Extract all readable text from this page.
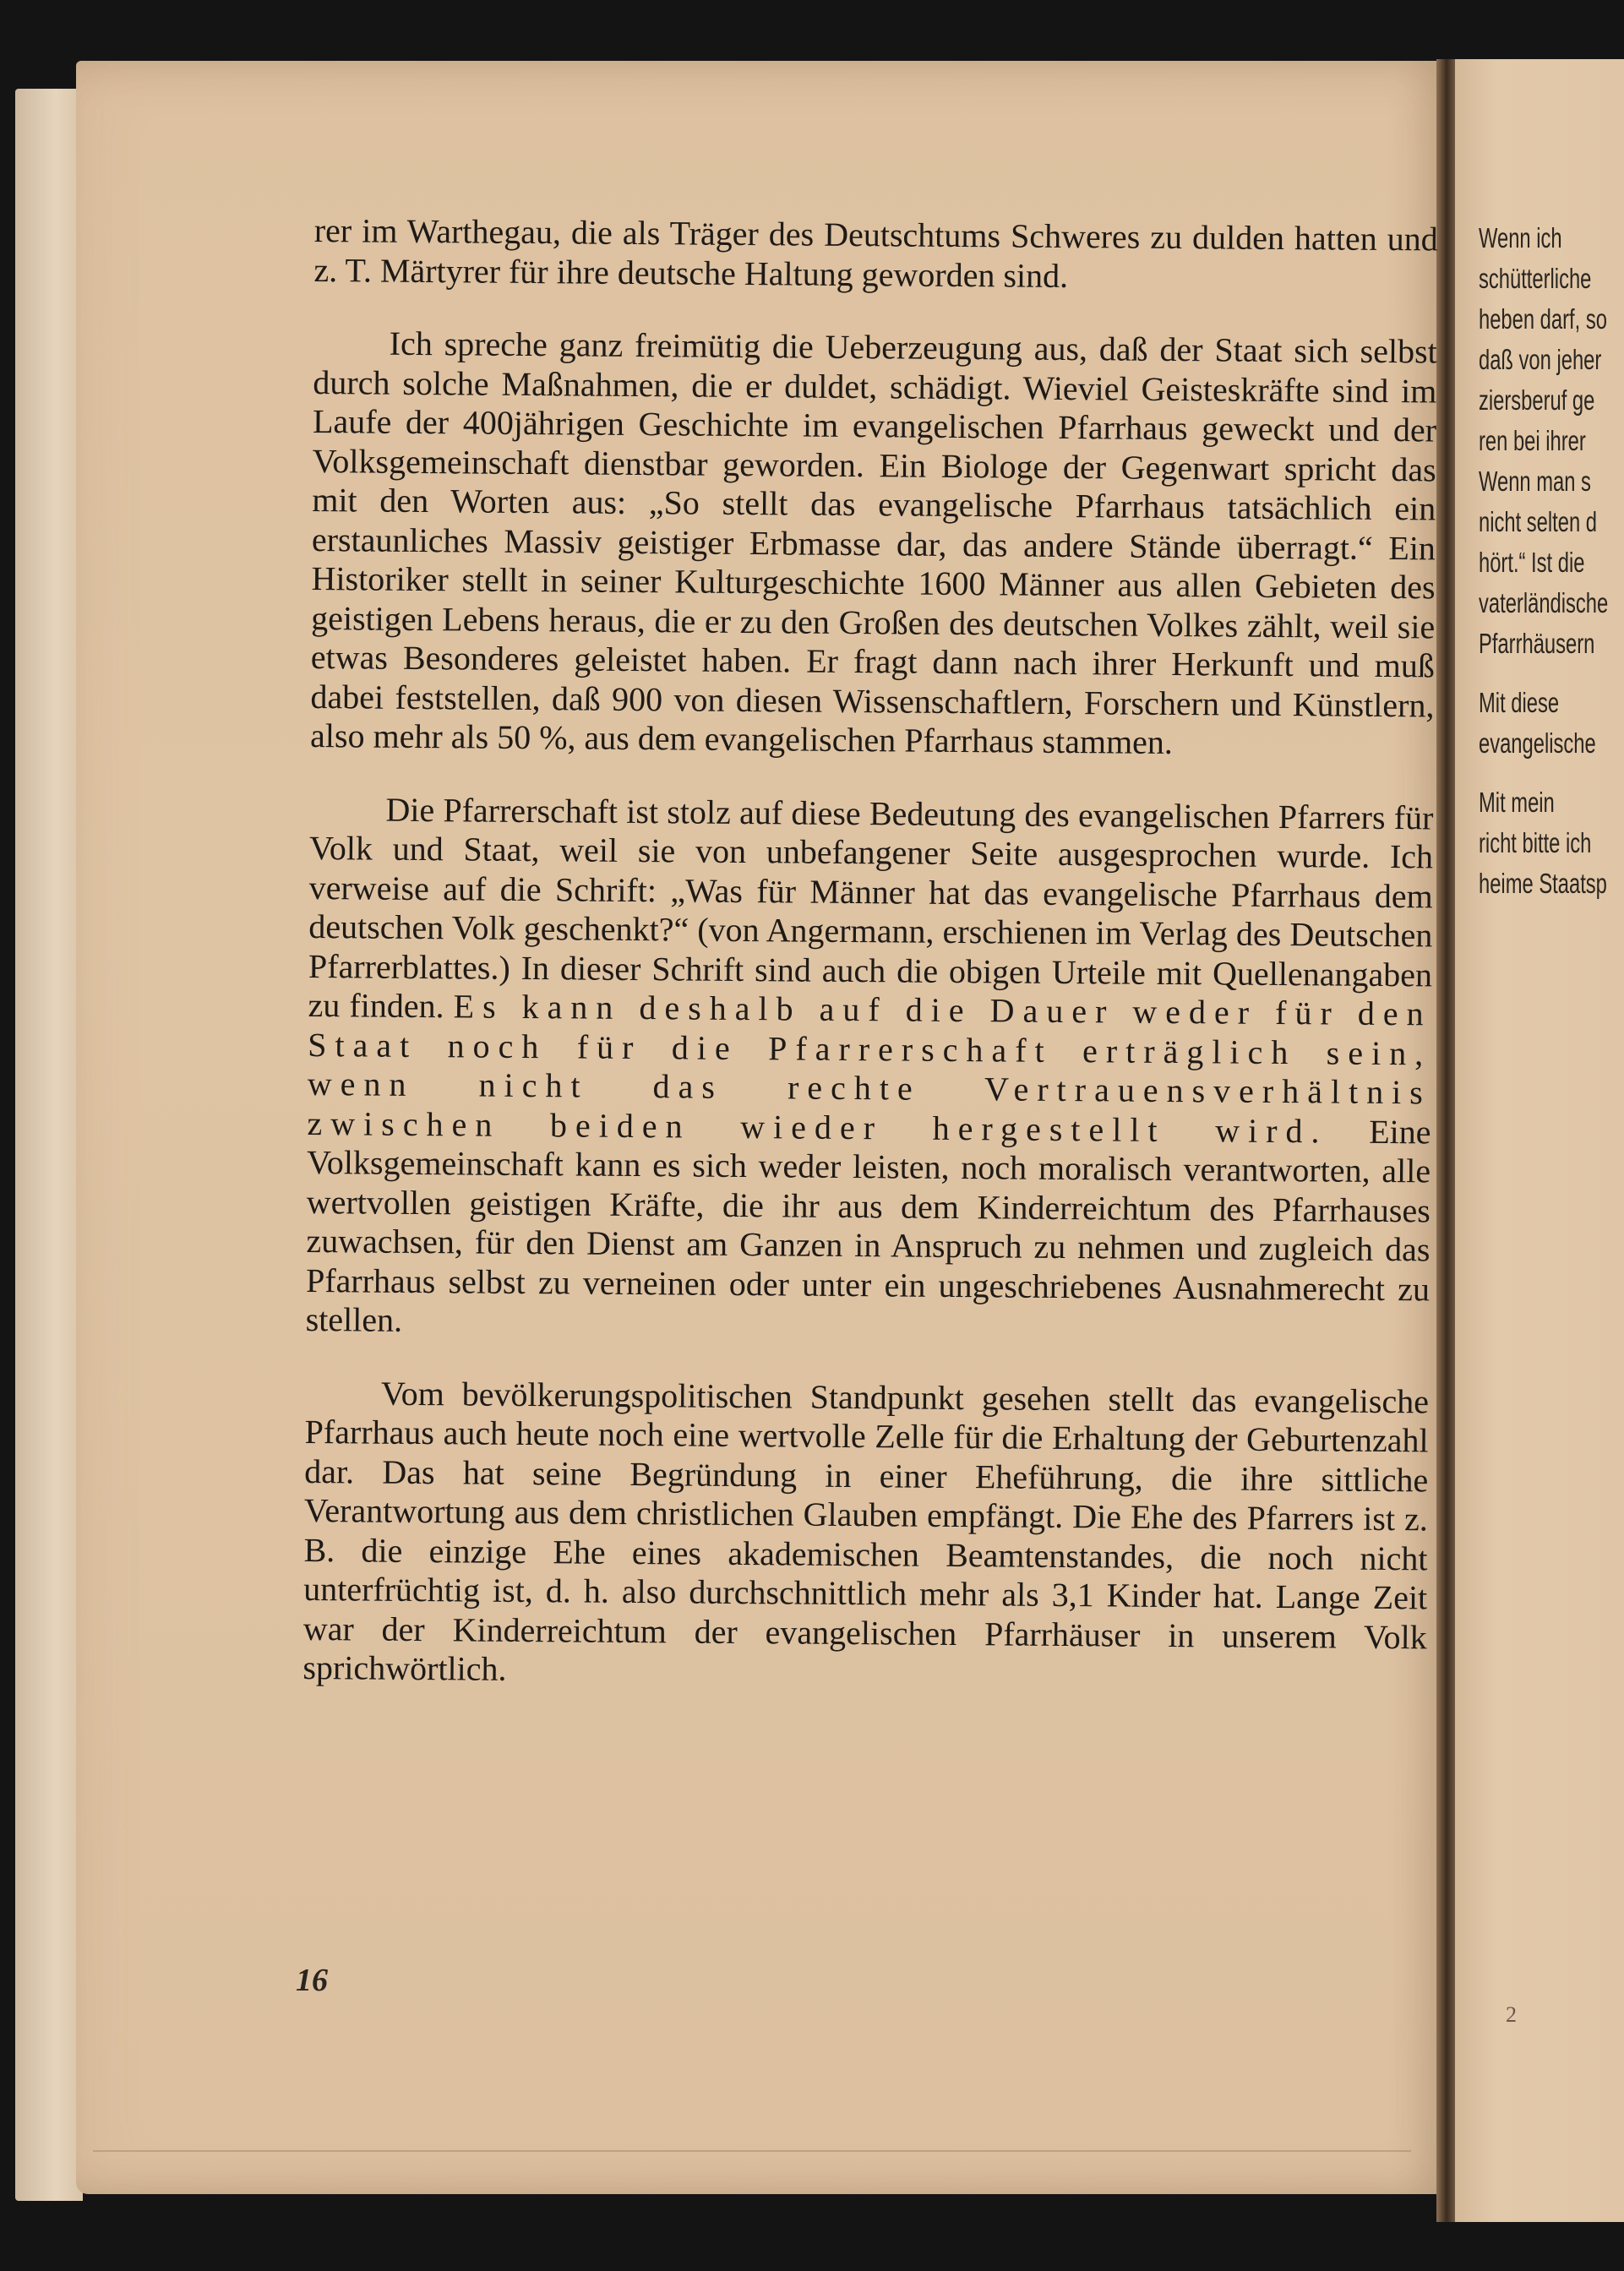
Wenn ich
schütterliche
heben darf, so
daß von jeher
ziersberuf ge
ren bei ihrer
Wenn man s
nicht selten d
hört.“ Ist die
vaterländische
Pfarrhäusern
Mit diese
evangelische
Mit mein
richt bitte ich
heime Staatsp
2

rer im Warthegau, die als Träger des Deutschtums Schweres zu dulden hatten und z. T. Märtyrer für ihre deutsche Haltung geworden sind.

Ich spreche ganz freimütig die Ueberzeugung aus, daß der Staat sich selbst durch solche Maßnahmen, die er duldet, schädigt. Wieviel Geisteskräfte sind im Laufe der 400jährigen Geschichte im evangelischen Pfarrhaus geweckt und der Volksgemeinschaft dienstbar geworden. Ein Biologe der Gegenwart spricht das mit den Worten aus: „So stellt das evangelische Pfarrhaus tatsächlich ein erstaunliches Massiv geistiger Erbmasse dar, das andere Stände überragt.“ Ein Historiker stellt in seiner Kulturgeschichte 1600 Männer aus allen Gebieten des geistigen Lebens heraus, die er zu den Großen des deutschen Volkes zählt, weil sie etwas Besonderes geleistet haben. Er fragt dann nach ihrer Herkunft und muß dabei feststellen, daß 900 von diesen Wissenschaftlern, Forschern und Künstlern, also mehr als 50 %, aus dem evangelischen Pfarrhaus stammen.

Die Pfarrerschaft ist stolz auf diese Bedeutung des evangelischen Pfarrers für Volk und Staat, weil sie von unbefangener Seite ausgesprochen wurde. Ich verweise auf die Schrift: „Was für Männer hat das evangelische Pfarrhaus dem deutschen Volk geschenkt?“ (von Angermann, erschienen im Verlag des Deutschen Pfarrerblattes.) In dieser Schrift sind auch die obigen Urteile mit Quellenangaben zu finden. Es kann deshalb auf die Dauer weder für den Staat noch für die Pfarrerschaft erträglich sein, wenn nicht das rechte Vertrauensverhältnis zwischen beiden wieder hergestellt wird. Eine Volksgemeinschaft kann es sich weder leisten, noch moralisch verantworten, alle wertvollen geistigen Kräfte, die ihr aus dem Kinderreichtum des Pfarrhauses zuwachsen, für den Dienst am Ganzen in Anspruch zu nehmen und zugleich das Pfarrhaus selbst zu verneinen oder unter ein ungeschriebenes Ausnahmerecht zu stellen.

Vom bevölkerungspolitischen Standpunkt gesehen stellt das evangelische Pfarrhaus auch heute noch eine wertvolle Zelle für die Erhaltung der Geburtenzahl dar. Das hat seine Begründung in einer Eheführung, die ihre sittliche Verantwortung aus dem christlichen Glauben empfängt. Die Ehe des Pfarrers ist z. B. die einzige Ehe eines akademischen Beamtenstandes, die noch nicht unterfrüchtig ist, d. h. also durchschnittlich mehr als 3,1 Kinder hat. Lange Zeit war der Kinderreichtum der evangelischen Pfarrhäuser in unserem Volk sprichwörtlich.

16
